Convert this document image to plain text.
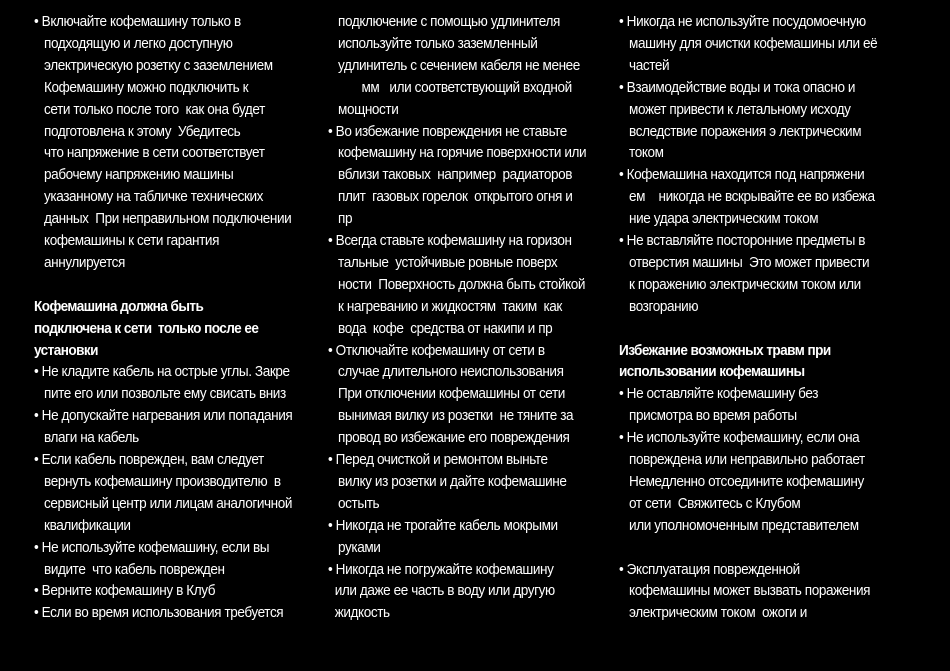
• Включайте кофемашину только в
подходящую и легко доступную
электрическую розетку с заземлением
Кофемашину можно подключить к
сети только после того  как она будет
подготовлена к этому  Убедитесь
что напряжение в сети соответствует
рабочему напряжению машины
указанному на табличке технических
данных  При неправильном подключении
кофемашины к сети гарантия
аннулируется
Кофемашина должна быть
подключена к сети  только после ее
установки
• Не кладите кабель на острые углы. Закре
пите его или позвольте ему свисать вниз
• Не допускайте нагревания или попадания
влаги на кабель
• Если кабель поврежден, вам следует
вернуть кофемашину производителю  в
сервисный центр или лицам аналогичной
квалификации
• Не используйте кофемашину, если вы
видите  что кабель поврежден
• Верните кофемашину в Клуб
• Если во время использования требуется
подключение с помощью удлинителя
используйте только заземленный
удлинитель с сечением кабеля не менее
мм   или соответствующий входной
мощности
• Во избежание повреждения не ставьте
кофемашину на горячие поверхности или
вблизи таковых  например  радиаторов
плит  газовых горелок  открытого огня и
пр
• Всегда ставьте кофемашину на горизон
тальные  устойчивые ровные поверх
ности  Поверхность должна быть стойкой
к нагреванию и жидкостям  таким  как
вода  кофе  средства от накипи и пр
• Отключайте кофемашину от сети в
случае длительного неиспользования
При отключении кофемашины от сети
вынимая вилку из розетки  не тяните за
провод во избежание его повреждения
• Перед очисткой и ремонтом выньте
вилку из розетки и дайте кофемашине
остыть
• Никогда не трогайте кабель мокрыми
руками
• Никогда не погружайте кофемашину
или даже ее часть в воду или другую
жидкость
• Никогда не используйте посудомоечную
машину для очистки кофемашины или её
частей
• Взаимодействие воды и тока опасно и
может привести к летальному исходу
вследствие поражения э лектрическим
током
• Кофемашина находится под напряжени
ем    никогда не вскрывайте ее во избежа
ние удара электрическим током
• Не вставляйте посторонние предметы в
отверстия машины  Это может привести
к поражению электрическим током или
возгоранию
Избежание возможных травм при
использовании кофемашины
• Не оставляйте кофемашину без
присмотра во время работы
• Не используйте кофемашину, если она
повреждена или неправильно работает
Немедленно отсоедините кофемашину
от сети  Свяжитесь с Клубом
или уполномоченным представителем
• Эксплуатация поврежденной
кофемашины может вызвать поражения
электрическим током  ожоги и
